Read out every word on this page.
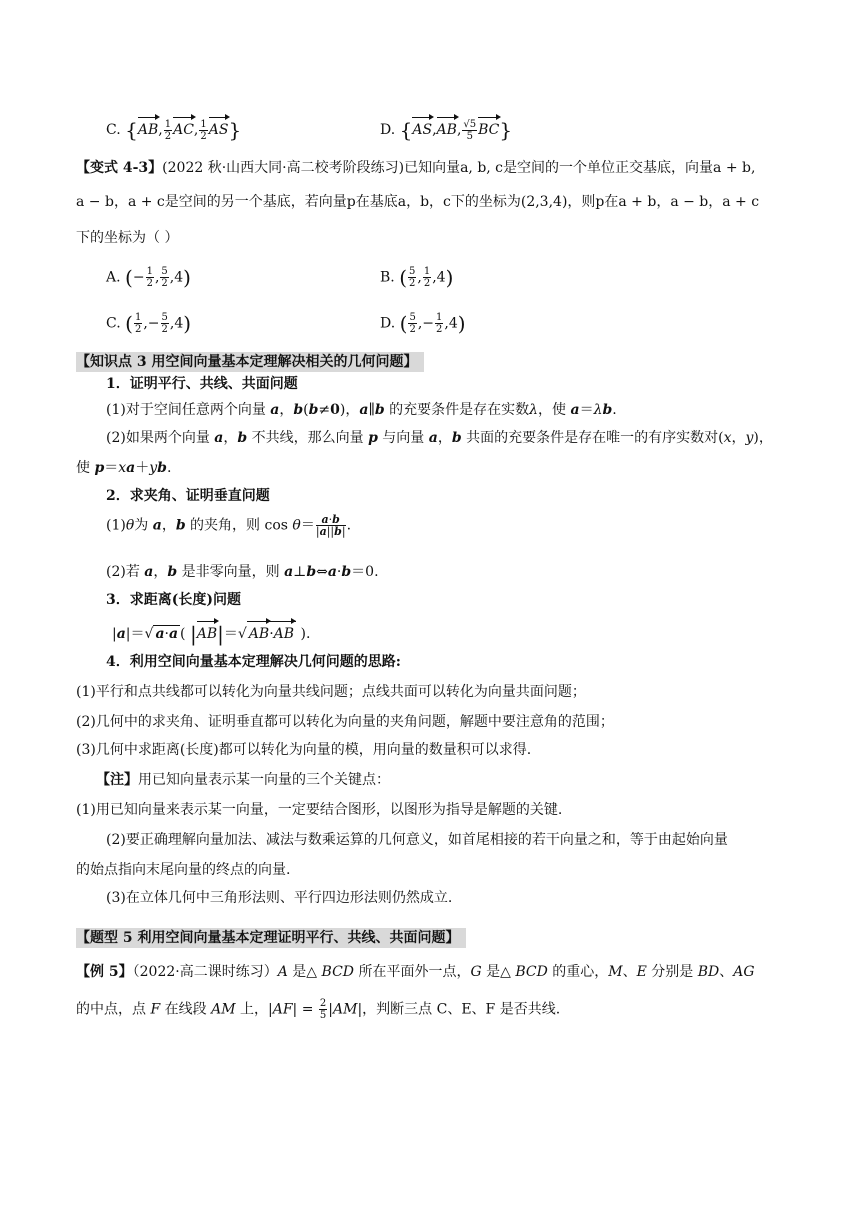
C. {AB, $\frac{1}{2}$ AC, $\frac{1}{2} AS$}	D. {AS,AB, $\frac{√5}{5} BC$}
【变式 4-3】(2022 秋·山西大同·高二校考阶段练习)已知向量a, b, c是空间的一个单位正交基底，向量a + b,
a − b，a + c是空间的另一个基底，若向量p在基底a，b，c下的坐标为(2,3,4)，则p在a + b，a − b，a + c
下的坐标为（ ）
A. (− $\frac{1}{2}$ , $\frac{5}{2} ,4$)	B. ( $\frac{5}{2}$ , $\frac{1}{2} ,4$)
C. ( $\frac{1}{2}$ ,− $\frac{5}{2} ,4$)	D. ( $\frac{5}{2}$ ,− $\frac{1}{2} ,4$)
【知识点 3 用空间向量基本定理解决相关的几何问题】
1．证明平行、共线、共面问题
(1)对于空间任意两个向量 a，b(b≠0)，a∥b 的充要条件是存在实数λ，使 a＝λb.
(2)如果两个向量 a，b 不共线，那么向量 p 与向量 a，b 共面的充要条件是存在唯一的有序实数对(x，y)，
使 p＝xa＋yb.
2．求夹角、证明垂直问题
(1)θ为 a，b 的夹角，则 $\cos \theta= \frac{a\cdot b}{|a||b|}$ .
(2)若 a，b 是非零向量，则 a⊥b⇔a·b＝0.
3．求距离(长度)问题
|a|＝√ a·a ( |AB|＝√ AB·AB ).
4．利用空间向量基本定理解决几何问题的思路:
(1)平行和点共线都可以转化为向量共线问题；点线共面可以转化为向量共面问题；
(2)几何中的求夹角、证明垂直都可以转化为向量的夹角问题，解题中要注意角的范围；
(3)几何中求距离(长度)都可以转化为向量的模，用向量的数量积可以求得.
【注】用已知向量表示某一向量的三个关键点：
(1)用已知向量来表示某一向量，一定要结合图形，以图形为指导是解题的关键.
(2)要正确理解向量加法、减法与数乘运算的几何意义，如首尾相接的若干向量之和，等于由起始向量
的始点指向末尾向量的终点的向量.
(3)在立体几何中三角形法则、平行四边形法则仍然成立.
【题型 5 利用空间向量基本定理证明平行、共线、共面问题】
【例 5】（2022·高二课时练习）A 是△ BCD 所在平面外一点，G 是△ BCD 的重心，M、E 分别是 BD、AG
的中点，点 F 在线段 AM 上，$|AF| = \frac{2}{5} |AM|$，判断三点 C、E、F 是否共线.
